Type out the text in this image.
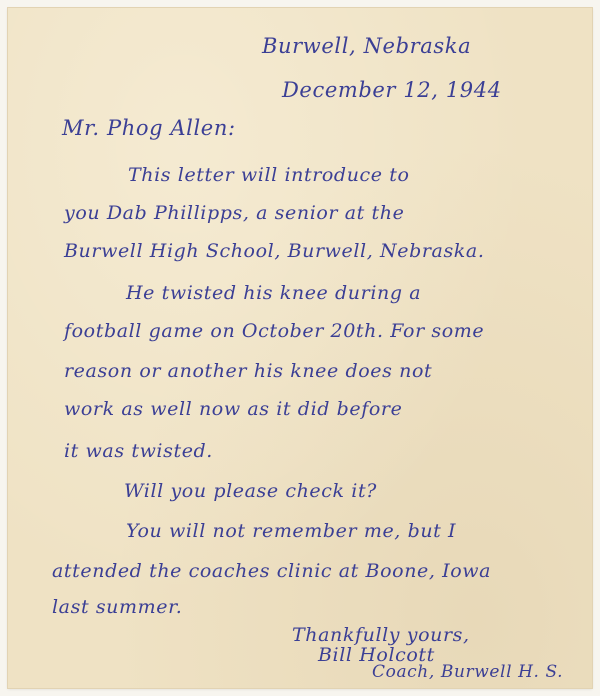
Burwell, Nebraska
December 12, 1944
Mr. Phog Allen:
This letter will introduce to
you Dab Phillipps, a senior at the
Burwell High School, Burwell, Nebraska.
He twisted his knee during a
football game on October 20th. For some
reason or another his knee does not
work as well now as it did before
it was twisted.
Will you please check it?
You will not remember me, but I
attended the coaches clinic at Boone, Iowa
last summer.
Thankfully yours,
Bill Holcott
Coach, Burwell H. S.
